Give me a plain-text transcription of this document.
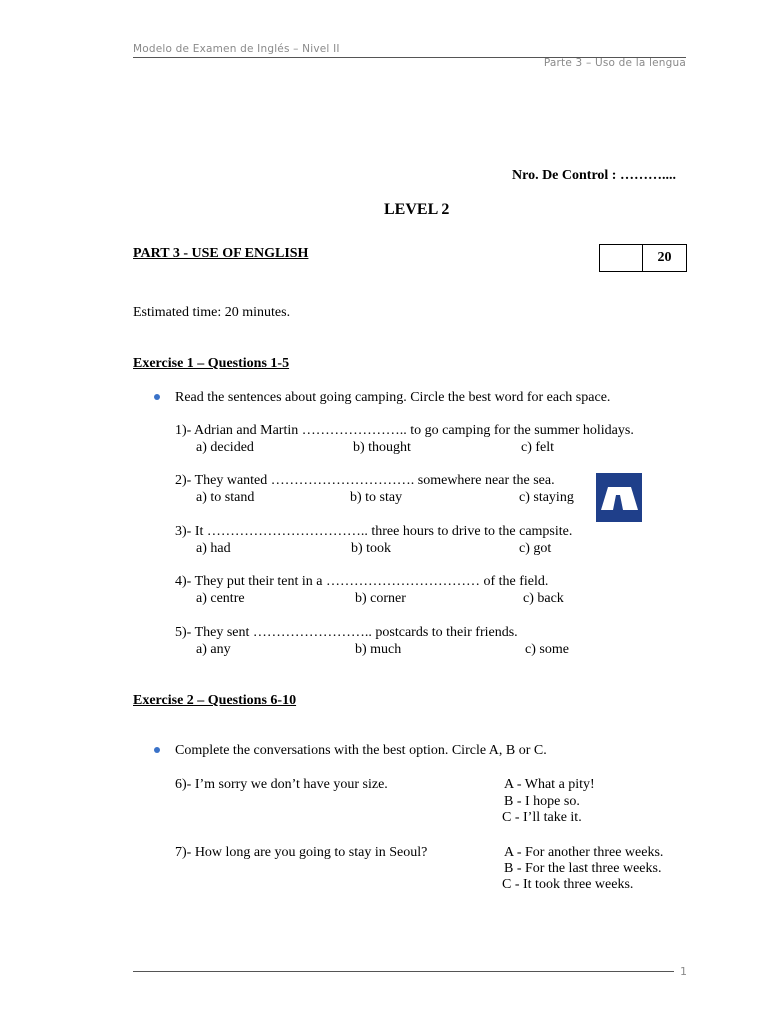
Modelo de Examen de Inglés – Nivel II
Parte 3 – Uso de la lengua
Nro. De Control : ………....
LEVEL 2
PART 3 - USE OF ENGLISH	20
Estimated time: 20 minutes.
Exercise 1 – Questions 1-5
Read the sentences about going camping. Circle the best word for each space.
1)- Adrian and Martin ………………….. to go camping for the summer holidays.
a) decided	b) thought	c) felt
2)- They wanted …………………………. somewhere near the sea.
a) to stand	b) to stay	c) staying
3)- It …………………………….. three hours to drive to the campsite.
a) had	b) took	c) got
4)- They put their tent in a …………………………… of the field.
a) centre	b) corner	c) back
5)- They sent …………………….. postcards to their friends.
a) any	b) much	c) some
Exercise 2 – Questions 6-10
Complete the conversations with the best option. Circle A, B or C.
6)- I’m sorry we don’t have your size.	A - What a pity!
B - I hope so.
C - I’ll take it.
7)- How long are you going to stay in Seoul?	A - For another three weeks.
B - For the last three weeks.
C - It took three weeks.
1
